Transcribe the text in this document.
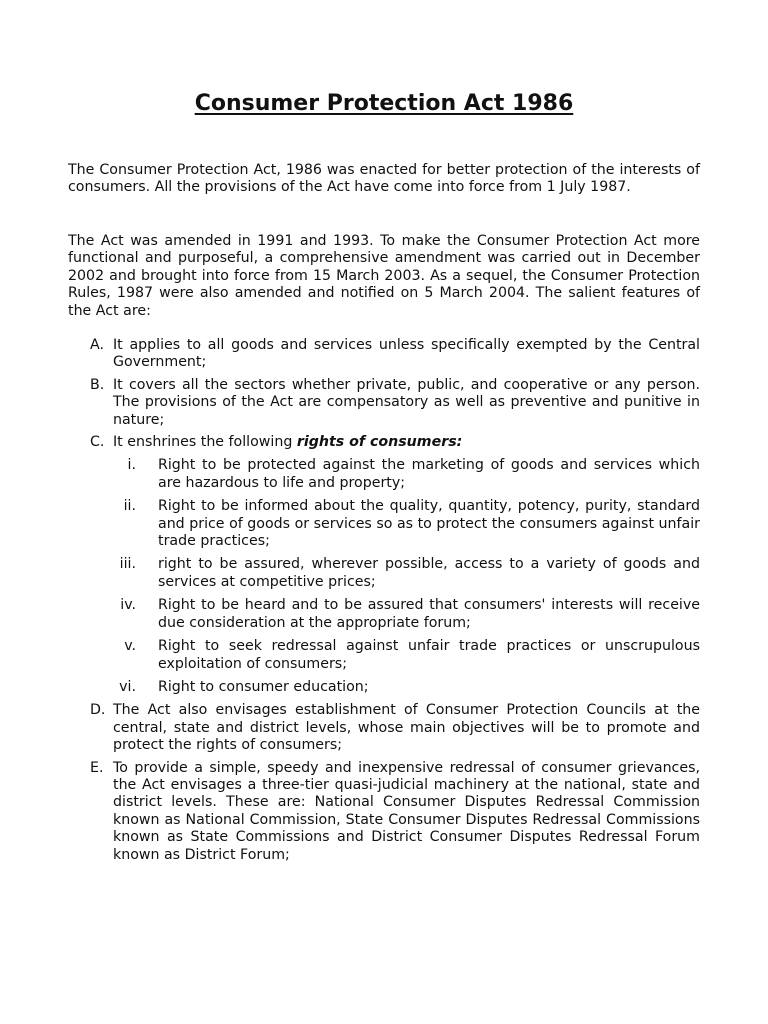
Consumer Protection Act 1986

The Consumer Protection Act, 1986 was enacted for better protection of the interests of consumers. All the provisions of the Act have come into force from 1 July 1987.

The Act was amended in 1991 and 1993. To make the Consumer Protection Act more functional and purposeful, a comprehensive amendment was carried out in December 2002 and brought into force from 15 March 2003. As a sequel, the Consumer Protection Rules, 1987 were also amended and notified on 5 March 2004. The salient features of the Act are:

A. It applies to all goods and services unless specifically exempted by the Central Government;
B. It covers all the sectors whether private, public, and cooperative or any person. The provisions of the Act are compensatory as well as preventive and punitive in nature;
C. It enshrines the following rights of consumers:
i. Right to be protected against the marketing of goods and services which are hazardous to life and property;
ii. Right to be informed about the quality, quantity, potency, purity, standard and price of goods or services so as to protect the consumers against unfair trade practices;
iii. right to be assured, wherever possible, access to a variety of goods and services at competitive prices;
iv. Right to be heard and to be assured that consumers' interests will receive due consideration at the appropriate forum;
v. Right to seek redressal against unfair trade practices or unscrupulous exploitation of consumers;
vi. Right to consumer education;
D. The Act also envisages establishment of Consumer Protection Councils at the central, state and district levels, whose main objectives will be to promote and protect the rights of consumers;
E. To provide a simple, speedy and inexpensive redressal of consumer grievances, the Act envisages a three-tier quasi-judicial machinery at the national, state and district levels. These are: National Consumer Disputes Redressal Commission known as National Commission, State Consumer Disputes Redressal Commissions known as State Commissions and District Consumer Disputes Redressal Forum known as District Forum;
